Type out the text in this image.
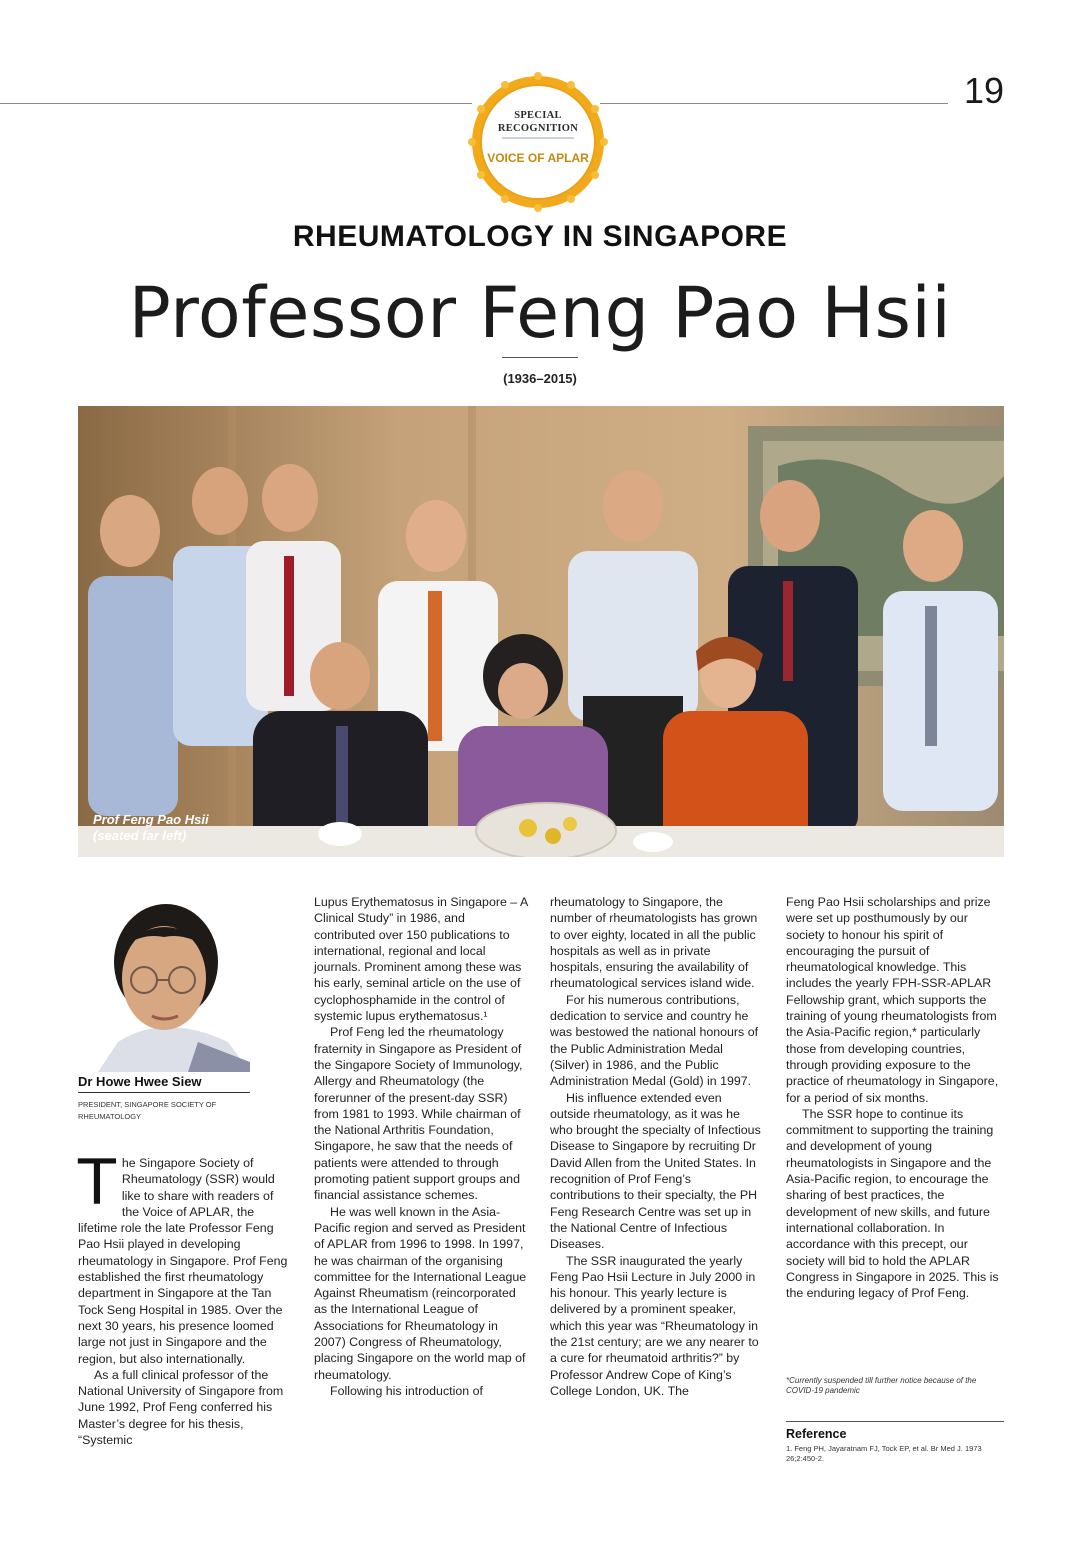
19
SPECIAL
RECOGNITION
VOICE OF APLAR
RHEUMATOLOGY IN SINGAPORE
Professor Feng Pao Hsii
(1936–2015)
Prof Feng Pao Hsii
(seated far left)
Dr Howe Hwee Siew
PRESIDENT, SINGAPORE SOCIETY OF RHEUMATOLOGY
T he Singapore Society of Rheumatology (SSR) would like to share with readers of the Voice of APLAR, the lifetime role the late Professor Feng Pao Hsii played in developing rheumatology in Singapore. Prof Feng established the first rheumatology department in Singapore at the Tan Tock Seng Hospital in 1985. Over the next 30 years, his presence loomed large not just in Singapore and the region, but also internationally.

As a full clinical professor of the National University of Singapore from June 1992, Prof Feng conferred his Master’s degree for his thesis, “Systemic

Lupus Erythematosus in Singapore – A Clinical Study” in 1986, and contributed over 150 publications to international, regional and local journals. Prominent among these was his early, seminal article on the use of cyclophosphamide in the control of systemic lupus erythematosus.¹

Prof Feng led the rheumatology fraternity in Singapore as President of the Singapore Society of Immunology, Allergy and Rheumatology (the forerunner of the present-day SSR) from 1981 to 1993. While chairman of the National Arthritis Foundation, Singapore, he saw that the needs of patients were attended to through promoting patient support groups and financial assistance schemes.

He was well known in the Asia-Pacific region and served as President of APLAR from 1996 to 1998. In 1997, he was chairman of the organising committee for the International League Against Rheumatism (reincorporated as the International League of Associations for Rheumatology in 2007) Congress of Rheumatology, placing Singapore on the world map of rheumatology.

Following his introduction of

rheumatology to Singapore, the number of rheumatologists has grown to over eighty, located in all the public hospitals as well as in private hospitals, ensuring the availability of rheumatological services island wide.

For his numerous contributions, dedication to service and country he was bestowed the national honours of the Public Administration Medal (Silver) in 1986, and the Public Administration Medal (Gold) in 1997.

His influence extended even outside rheumatology, as it was he who brought the specialty of Infectious Disease to Singapore by recruiting Dr David Allen from the United States. In recognition of Prof Feng’s contributions to their specialty, the PH Feng Research Centre was set up in the National Centre of Infectious Diseases.

The SSR inaugurated the yearly Feng Pao Hsii Lecture in July 2000 in his honour. This yearly lecture is delivered by a prominent speaker, which this year was “Rheumatology in the 21st century; are we any nearer to a cure for rheumatoid arthritis?” by Professor Andrew Cope of King’s College London, UK. The

Feng Pao Hsii scholarships and prize were set up posthumously by our society to honour his spirit of encouraging the pursuit of rheumatological knowledge. This includes the yearly FPH-SSR-APLAR Fellowship grant, which supports the training of young rheumatologists from the Asia-Pacific region,* particularly those from developing countries, through providing exposure to the practice of rheumatology in Singapore, for a period of six months.

The SSR hope to continue its commitment to supporting the training and development of young rheumatologists in Singapore and the Asia-Pacific region, to encourage the sharing of best practices, the development of new skills, and future international collaboration. In accordance with this precept, our society will bid to hold the APLAR Congress in Singapore in 2025. This is the enduring legacy of Prof Feng.

*Currently suspended till further notice because of the COVID-19 pandemic
Reference
1. Feng PH, Jayaratnam FJ, Tock EP, et al. Br Med J. 1973 26;2:450-2.
